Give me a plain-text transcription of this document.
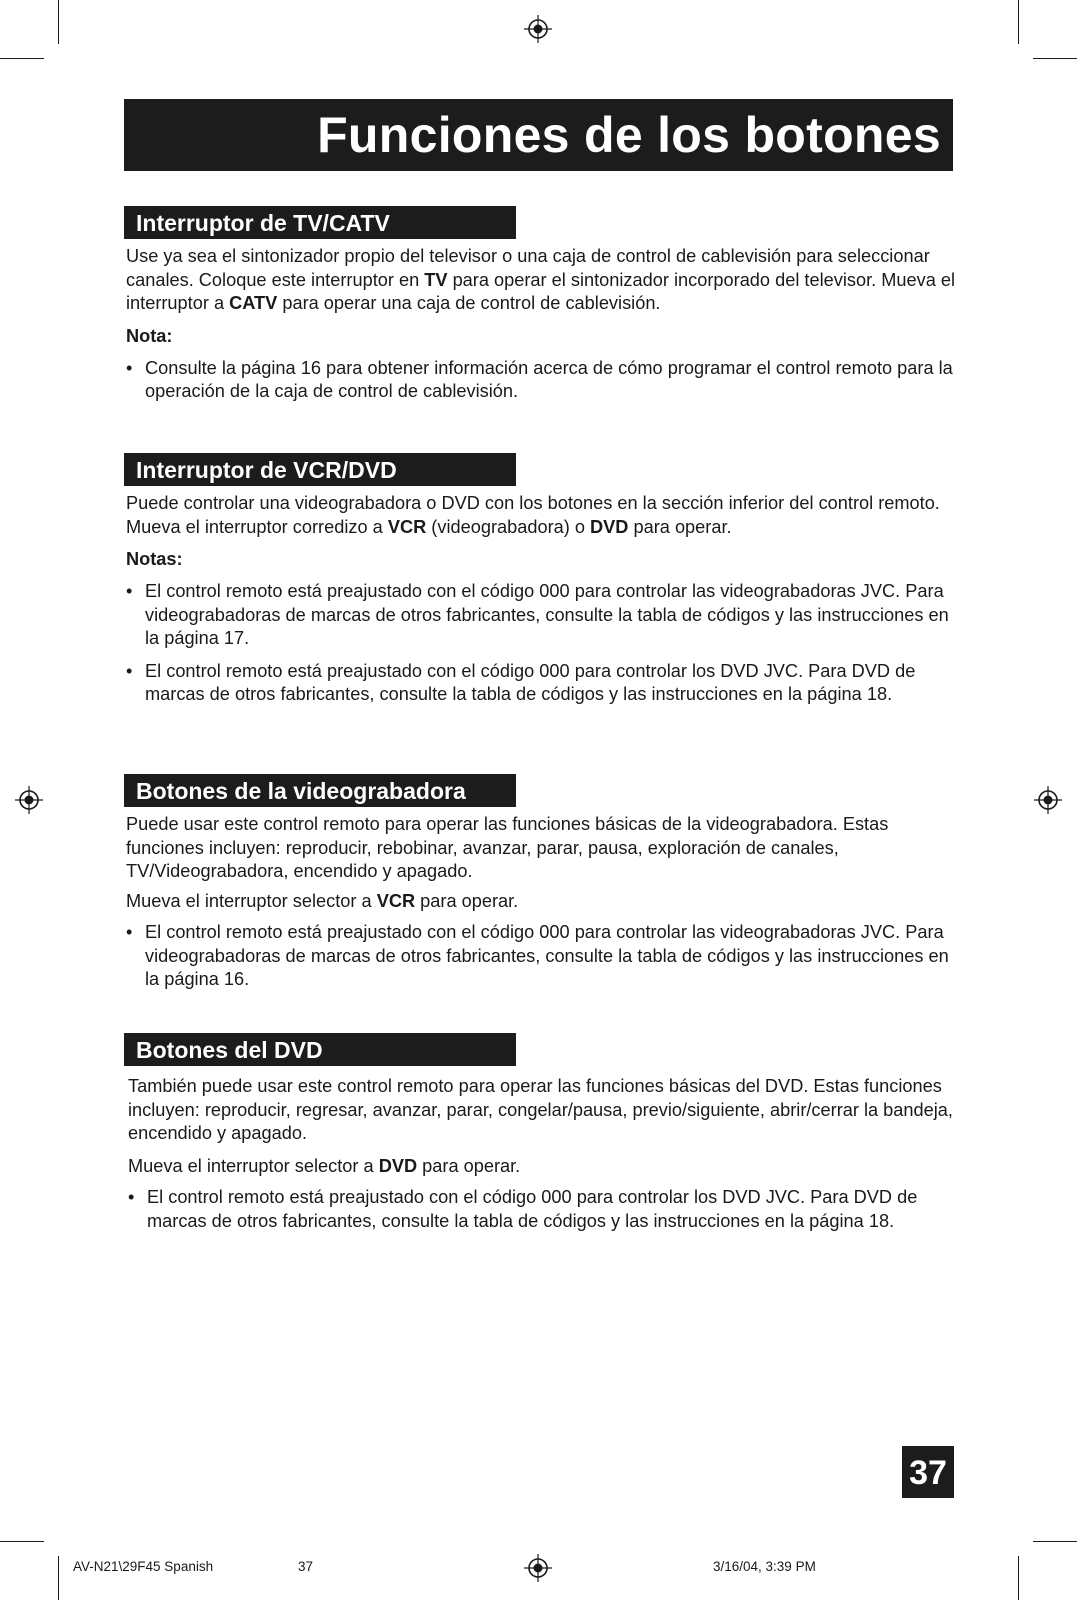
Funciones de los botones
Interruptor de TV/CATV

Use ya sea el sintonizador propio del televisor o una caja de control de cablevisión para seleccionar canales. Coloque este interruptor en TV para operar el sintonizador incorporado del televisor. Mueva el interruptor a CATV para operar una caja de control de cablevisión.

Nota:
• Consulte la página 16 para obtener información acerca de cómo programar el control remoto para la operación de la caja de control de cablevisión.
Interruptor de VCR/DVD

Puede controlar una videograbadora o DVD con los botones en la sección inferior del control remoto. Mueva el interruptor corredizo a VCR (videograbadora) o DVD para operar.

Notas:
• El control remoto está preajustado con el código 000 para controlar las videograbadoras JVC. Para videograbadoras de marcas de otros fabricantes, consulte la tabla de códigos y las instrucciones en la página 17.
• El control remoto está preajustado con el código 000 para controlar los DVD JVC. Para DVD de marcas de otros fabricantes, consulte la tabla de códigos y las instrucciones en la página 18.
Botones de la videograbadora

Puede usar este control remoto para operar las funciones básicas de la videograbadora. Estas funciones incluyen: reproducir, rebobinar, avanzar, parar, pausa, exploración de canales, TV/Videograbadora, encendido y apagado.

Mueva el interruptor selector a VCR para operar.

• El control remoto está preajustado con el código 000 para controlar las videograbadoras JVC. Para videograbadoras de marcas de otros fabricantes, consulte la tabla de códigos y las instrucciones en la página 16.
Botones del DVD

También puede usar este control remoto para operar las funciones básicas del DVD. Estas funciones incluyen: reproducir, regresar, avanzar, parar, congelar/pausa, previo/siguiente, abrir/cerrar la bandeja, encendido y apagado.

Mueva el interruptor selector a DVD para operar.

• El control remoto está preajustado con el código 000 para controlar los DVD JVC. Para DVD de marcas de otros fabricantes, consulte la tabla de códigos y las instrucciones en la página 18.
37
AV-N21\29F45 Spanish	37	3/16/04, 3:39 PM
